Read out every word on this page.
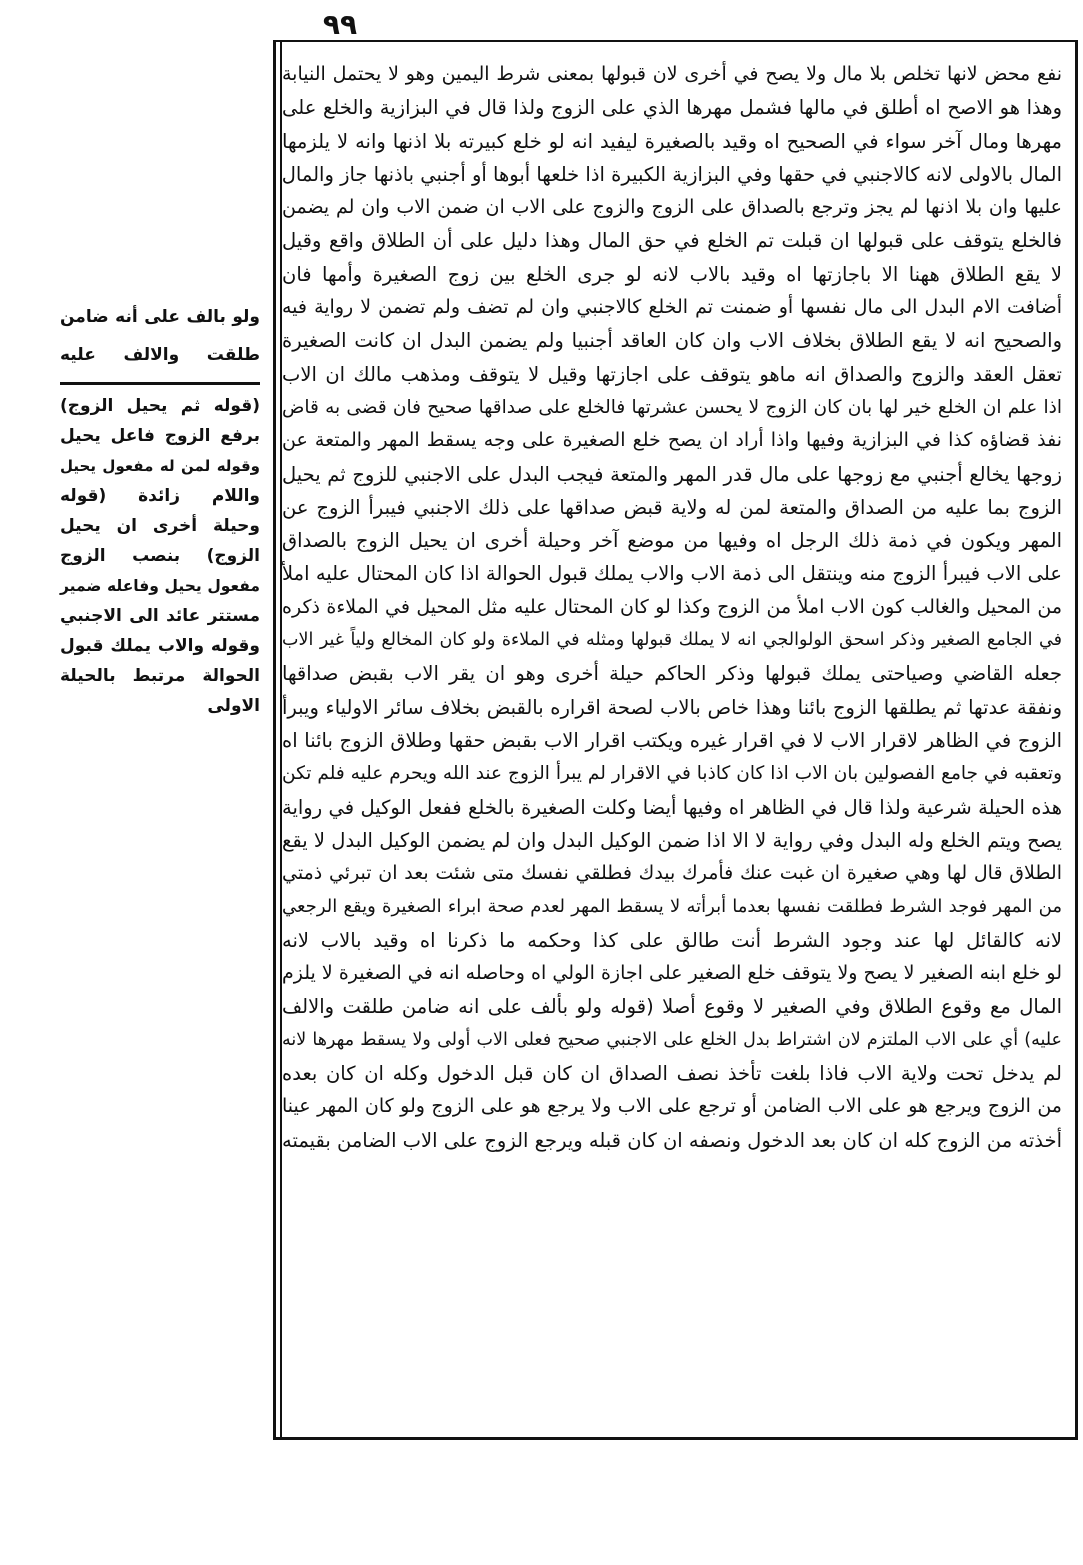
٩٩
نفع محض لانها تخلص بلا مال ولا يصح في أخرى لان قبولها بمعنى شرط اليمين وهو لا يحتمل النيابة
وهذا هو الاصح اه أطلق في مالها فشمل مهرها الذي على الزوج ولذا قال في البزازية والخلع على
مهرها ومال آخر سواء في الصحيح اه وقيد بالصغيرة ليفيد انه لو خلع كبيرته بلا اذنها وانه لا يلزمها
المال بالاولى لانه كالاجنبي في حقها وفي البزازية الكبيرة اذا خلعها أبوها أو أجنبي باذنها جاز والمال
عليها وان بلا اذنها لم يجز وترجع بالصداق على الزوج والزوج على الاب ان ضمن الاب وان لم يضمن
فالخلع يتوقف على قبولها ان قبلت تم الخلع في حق المال وهذا دليل على أن الطلاق واقع وقيل
لا يقع الطلاق ههنا الا باجازتها اه وقيد بالاب لانه لو جرى الخلع بين زوج الصغيرة وأمها فان
أضافت الام البدل الى مال نفسها أو ضمنت تم الخلع كالاجنبي وان لم تضف ولم تضمن لا رواية فيه
والصحيح انه لا يقع الطلاق بخلاف الاب وان كان العاقد أجنبيا ولم يضمن البدل ان كانت الصغيرة
تعقل العقد والزوج والصداق انه ماهو يتوقف على اجازتها وقيل لا يتوقف ومذهب مالك ان الاب
اذا علم ان الخلع خير لها بان كان الزوج لا يحسن عشرتها فالخلع على صداقها صحيح فان قضى به قاض
نفذ قضاؤه كذا في البزازية وفيها واذا أراد ان يصح خلع الصغيرة على وجه يسقط المهر والمتعة عن
زوجها يخالع أجنبي مع زوجها على مال قدر المهر والمتعة فيجب البدل على الاجنبي للزوج ثم يحيل
الزوج بما عليه من الصداق والمتعة لمن له ولاية قبض صداقها على ذلك الاجنبي فيبرأ الزوج عن
المهر ويكون في ذمة ذلك الرجل اه وفيها من موضع آخر وحيلة أخرى ان يحيل الزوج بالصداق
على الاب فيبرأ الزوج منه وينتقل الى ذمة الاب والاب يملك قبول الحوالة اذا كان المحتال عليه املأ
من المحيل والغالب كون الاب املأ من الزوج وكذا لو كان المحتال عليه مثل المحيل في الملاءة ذكره
في الجامع الصغير وذكر اسحق الولوالجي انه لا يملك قبولها ومثله في الملاءة ولو كان المخالع ولياً غير الاب
جعله القاضي وصياحتى يملك قبولها وذكر الحاكم حيلة أخرى وهو ان يقر الاب بقبض صداقها
ونفقة عدتها ثم يطلقها الزوج بائنا وهذا خاص بالاب لصحة اقراره بالقبض بخلاف سائر الاولياء ويبرأ
الزوج في الظاهر لاقرار الاب لا في اقرار غيره ويكتب اقرار الاب بقبض حقها وطلاق الزوج بائنا اه
وتعقبه في جامع الفصولين بان الاب اذا كان كاذبا في الاقرار لم يبرأ الزوج عند الله ويحرم عليه فلم تكن
هذه الحيلة شرعية ولذا قال في الظاهر اه وفيها أيضا وكلت الصغيرة بالخلع ففعل الوكيل في رواية
يصح ويتم الخلع وله البدل وفي رواية لا الا اذا ضمن الوكيل البدل وان لم يضمن الوكيل البدل لا يقع
الطلاق قال لها وهي صغيرة ان غبت عنك فأمرك بيدك فطلقي نفسك متى شئت بعد ان تبرئي ذمتي
من المهر فوجد الشرط فطلقت نفسها بعدما أبرأته لا يسقط المهر لعدم صحة ابراء الصغيرة ويقع الرجعي
لانه كالقائل لها عند وجود الشرط أنت طالق على كذا وحكمه ما ذكرنا اه وقيد بالاب لانه
لو خلع ابنه الصغير لا يصح ولا يتوقف خلع الصغير على اجازة الولي اه وحاصله انه في الصغيرة لا يلزم
المال مع وقوع الطلاق وفي الصغير لا وقوع أصلا (قوله ولو بألف على انه ضامن طلقت والالف
عليه) أي على الاب الملتزم لان اشتراط بدل الخلع على الاجنبي صحيح فعلى الاب أولى ولا يسقط مهرها لانه
لم يدخل تحت ولاية الاب فاذا بلغت تأخذ نصف الصداق ان كان قبل الدخول وكله ان كان بعده
من الزوج ويرجع هو على الاب الضامن أو ترجع على الاب ولا يرجع هو على الزوج ولو كان المهر عينا
أخذته من الزوج كله ان كان بعد الدخول ونصفه ان كان قبله ويرجع الزوج على الاب الضامن بقيمته
ولو بالف على أنه ضامن
طلقت والالف عليه
(قوله ثم يحيل الزوج)
برفع الزوج فاعل يحيل
وقوله لمن له مفعول يحيل
واللام زائدة (قوله
وحيلة أخرى ان يحيل
الزوج) بنصب الزوج
مفعول يحيل وفاعله ضمير
مستتر عائد الى الاجنبي
وقوله والاب يملك قبول
الحوالة مرتبط بالحيلة
الاولى
